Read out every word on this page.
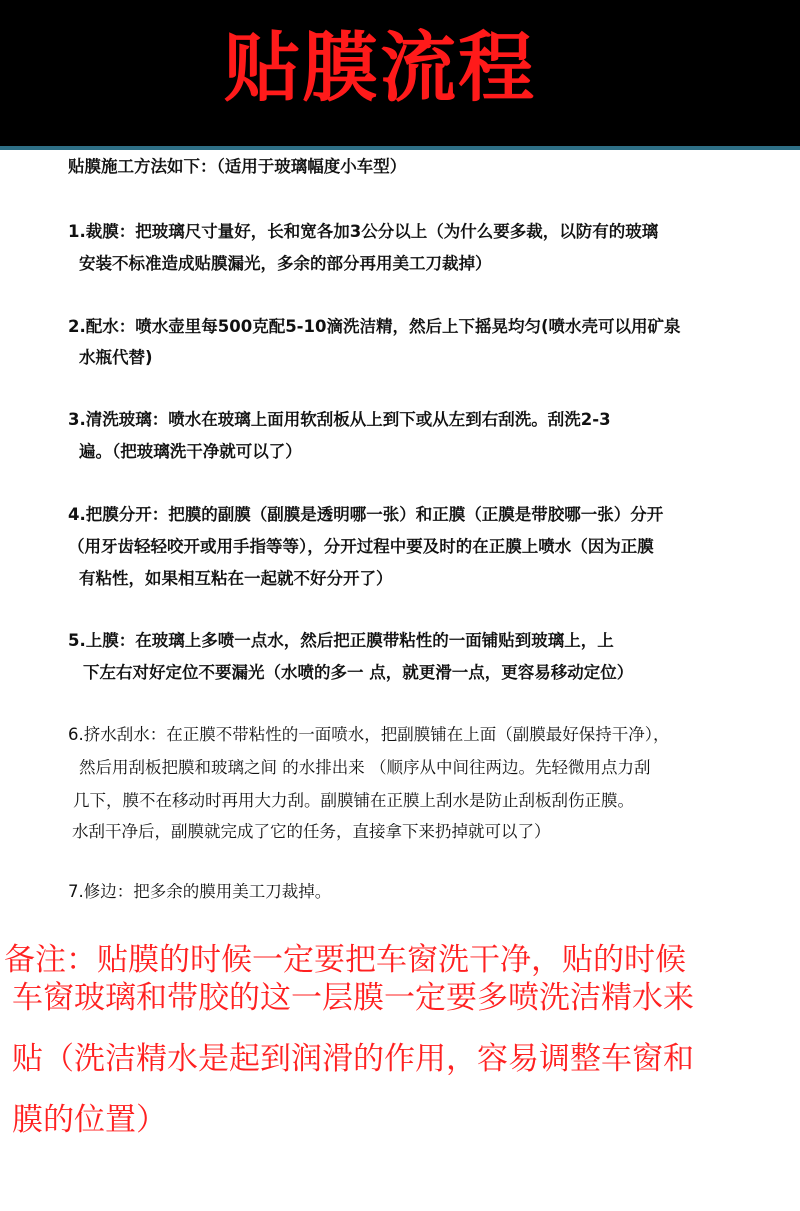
贴膜流程
贴膜施工方法如下：（适用于玻璃幅度小车型）
1.裁膜：把玻璃尺寸量好，长和宽各加3公分以上（为什么要多裁，以防有的玻璃
安装不标准造成贴膜漏光，多余的部分再用美工刀裁掉）
2.配水：喷水壶里每500克配5-10滴洗洁精，然后上下摇晃均匀(喷水壳可以用矿泉
水瓶代替)
3.清洗玻璃：喷水在玻璃上面用软刮板从上到下或从左到右刮洗。刮洗2-3
遍。（把玻璃洗干净就可以了）
4.把膜分开：把膜的副膜（副膜是透明哪一张）和正膜（正膜是带胶哪一张）分开
（用牙齿轻轻咬开或用手指等等），分开过程中要及时的在正膜上喷水（因为正膜
有粘性，如果相互粘在一起就不好分开了）
5.上膜：在玻璃上多喷一点水，然后把正膜带粘性的一面铺贴到玻璃上，上
下左右对好定位不要漏光（水喷的多一 点，就更滑一点，更容易移动定位）
6.挤水刮水：在正膜不带粘性的一面喷水，把副膜铺在上面（副膜最好保持干净），
然后用刮板把膜和玻璃之间 的水排出来 （顺序从中间往两边。先轻微用点力刮
几下，膜不在移动时再用大力刮。副膜铺在正膜上刮水是防止刮板刮伤正膜。
水刮干净后，副膜就完成了它的任务，直接拿下来扔掉就可以了）
7.修边：把多余的膜用美工刀裁掉。
备注：贴膜的时候一定要把车窗洗干净，贴的时候
车窗玻璃和带胶的这一层膜一定要多喷洗洁精水来
贴（洗洁精水是起到润滑的作用，容易调整车窗和
膜的位置）
